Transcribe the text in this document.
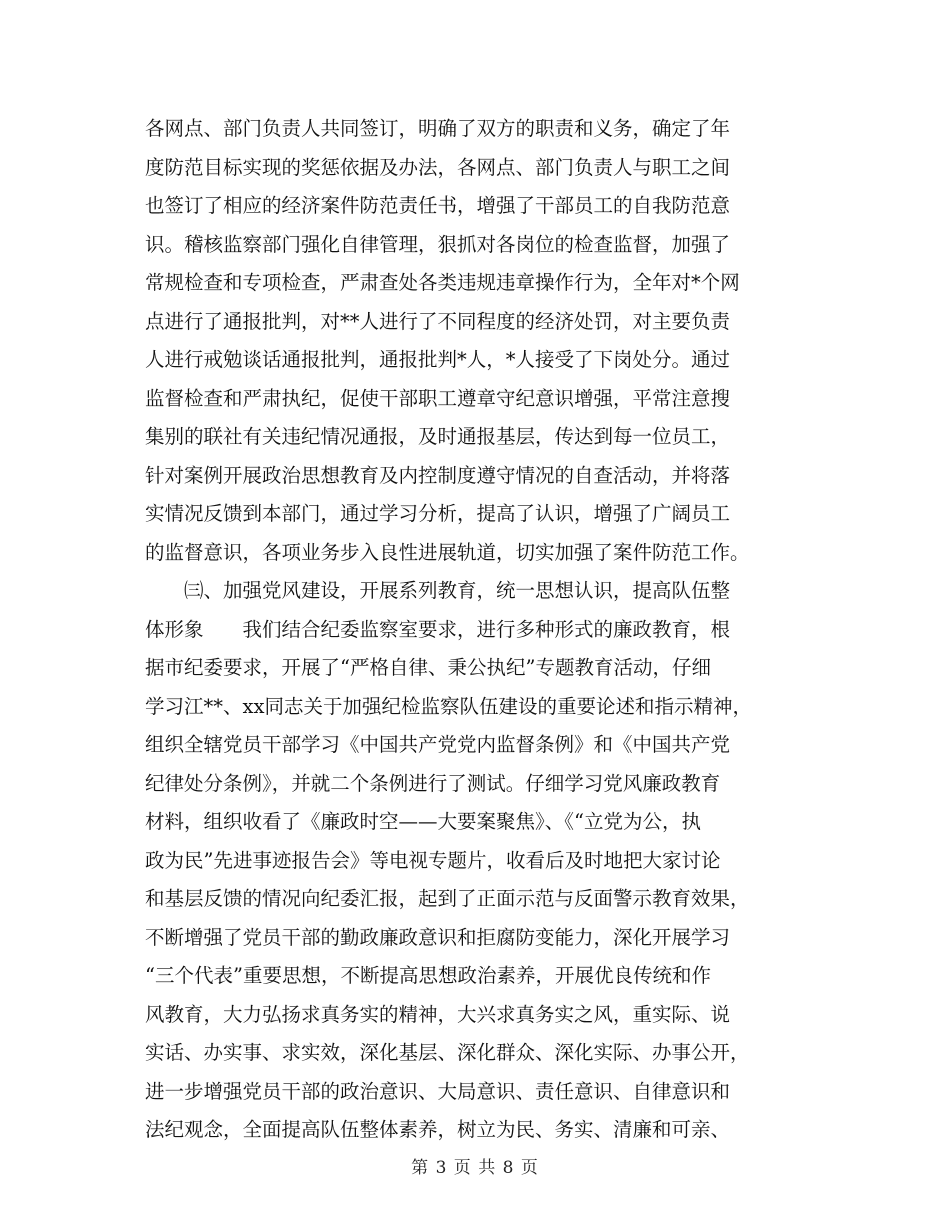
各网点、部门负责人共同签订，明确了双方的职责和义务，确定了年
度防范目标实现的奖惩依据及办法，各网点、部门负责人与职工之间
也签订了相应的经济案件防范责任书，增强了干部员工的自我防范意
识。稽核监察部门强化自律管理，狠抓对各岗位的检查监督，加强了
常规检查和专项检查，严肃查处各类违规违章操作行为，全年对*个网
点进行了通报批判，对**人进行了不同程度的经济处罚，对主要负责
人进行戒勉谈话通报批判，通报批判*人，*人接受了下岗处分。通过
监督检查和严肃执纪，促使干部职工遵章守纪意识增强，平常注意搜
集别的联社有关违纪情况通报，及时通报基层，传达到每一位员工，
针对案例开展政治思想教育及内控制度遵守情况的自查活动，并将落
实情况反馈到本部门，通过学习分析，提高了认识，增强了广阔员工
的监督意识，各项业务步入良性进展轨道，切实加强了案件防范工作。
　　㈢、加强党风建设，开展系列教育，统一思想认识，提高队伍整
体形象　　我们结合纪委监察室要求，进行多种形式的廉政教育，根
据市纪委要求，开展了“严格自律、秉公执纪”专题教育活动，仔细
学习江**、xx同志关于加强纪检监察队伍建设的重要论述和指示精神，
组织全辖党员干部学习《中国共产党党内监督条例》和《中国共产党
纪律处分条例》，并就二个条例进行了测试。仔细学习党风廉政教育
材料，组织收看了《廉政时空——大要案聚焦》、《“立党为公，执
政为民”先进事迹报告会》等电视专题片，收看后及时地把大家讨论
和基层反馈的情况向纪委汇报，起到了正面示范与反面警示教育效果，
不断增强了党员干部的勤政廉政意识和拒腐防变能力，深化开展学习
“三个代表”重要思想，不断提高思想政治素养，开展优良传统和作
风教育，大力弘扬求真务实的精神，大兴求真务实之风，重实际、说
实话、办实事、求实效，深化基层、深化群众、深化实际、办事公开，
进一步增强党员干部的政治意识、大局意识、责任意识、自律意识和
法纪观念，全面提高队伍整体素养，树立为民、务实、清廉和可亲、
第 3 页 共 8 页
